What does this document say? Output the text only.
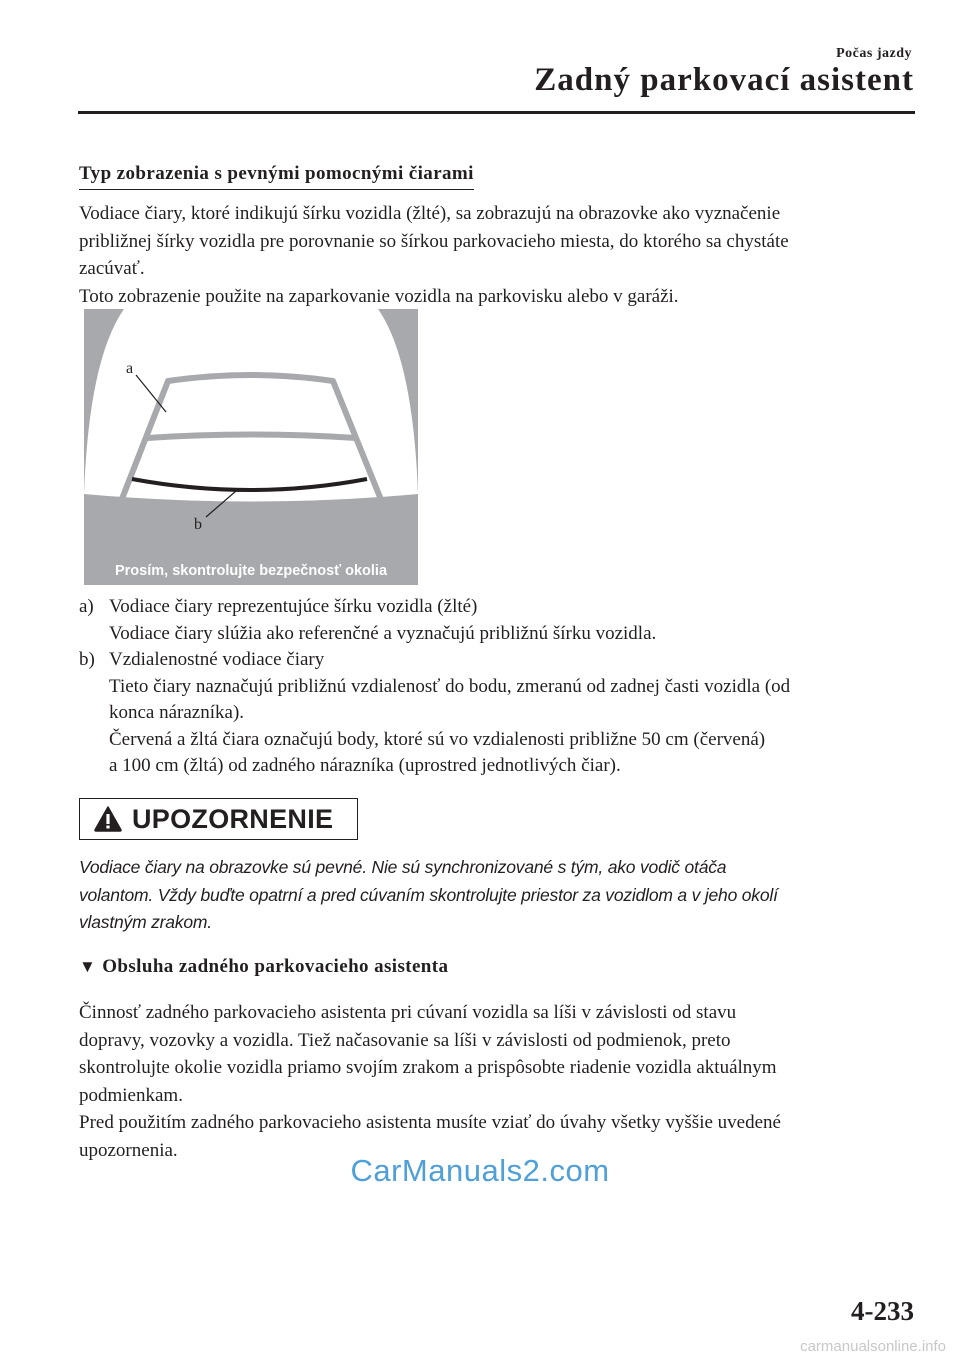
Počas jazdy
Zadný parkovací asistent
Typ zobrazenia s pevnými pomocnými čiarami

Vodiace čiary, ktoré indikujú šírku vozidla (žlté), sa zobrazujú na obrazovke ako vyznačenie

približnej šírky vozidla pre porovnanie so šírkou parkovacieho miesta, do ktorého sa chystáte

zacúvať.

Toto zobrazenie použite na zaparkovanie vozidla na parkovisku alebo v garáži.

a
b
Prosím, skontrolujte bezpečnosť okolia
a) Vodiace čiary reprezentujúce šírku vozidla (žlté)
Vodiace čiary slúžia ako referenčné a vyznačujú približnú šírku vozidla.
b) Vzdialenostné vodiace čiary
Tieto čiary naznačujú približnú vzdialenosť do bodu, zmeranú od zadnej časti vozidla (od
konca nárazníka).
Červená a žltá čiara označujú body, ktoré sú vo vzdialenosti približne 50 cm (červená)
a 100 cm (žltá) od zadného nárazníka (uprostred jednotlivých čiar).
UPOZORNENIE
Vodiace čiary na obrazovke sú pevné. Nie sú synchronizované s tým, ako vodič otáča
volantom. Vždy buďte opatrní a pred cúvaním skontrolujte priestor za vozidlom a v jeho okolí
vlastným zrakom.
▼ Obsluha zadného parkovacieho asistenta

Činnosť zadného parkovacieho asistenta pri cúvaní vozidla sa líši v závislosti od stavu

dopravy, vozovky a vozidla. Tiež načasovanie sa líši v závislosti od podmienok, preto

skontrolujte okolie vozidla priamo svojím zrakom a prispôsobte riadenie vozidla aktuálnym

podmienkam.

Pred použitím zadného parkovacieho asistenta musíte vziať do úvahy všetky vyššie uvedené

upozornenia.

CarManuals2.com
4-233
carmanualsonline.info
